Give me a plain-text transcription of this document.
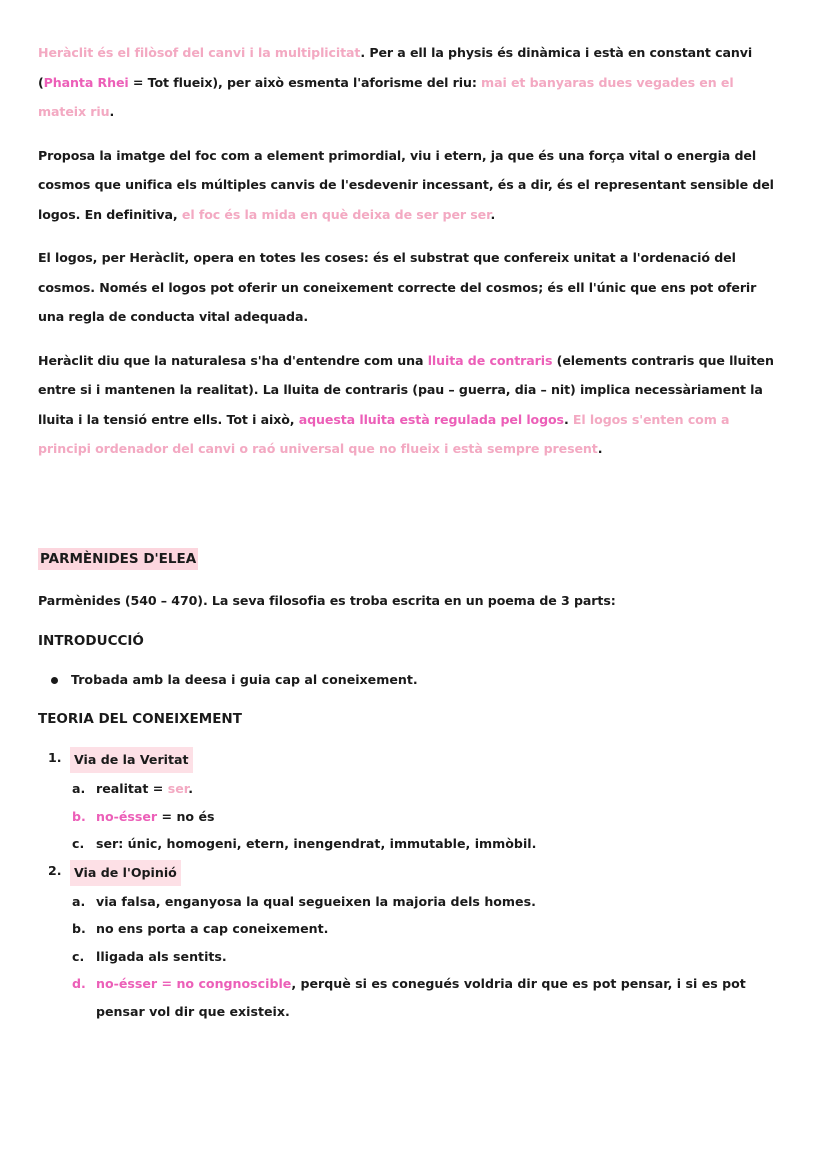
Heràclit és el filòsof del canvi i la multiplicitat. Per a ell la physis és dinàmica i està en constant canvi (Phanta Rhei = Tot flueix), per això esmenta l'aforisme del riu: mai et banyaras dues vegades en el mateix riu.

Proposa la imatge del foc com a element primordial, viu i etern, ja que és una força vital o energia del cosmos que unifica els múltiples canvis de l'esdevenir incessant, és a dir, és el representant sensible del logos. En definitiva, el foc és la mida en què deixa de ser per ser.

El logos, per Heràclit, opera en totes les coses: és el substrat que confereix unitat a l'ordenació del cosmos. Només el logos pot oferir un coneixement correcte del cosmos; és ell l'únic que ens pot oferir una regla de conducta vital adequada.

Heràclit diu que la naturalesa s'ha d'entendre com una lluita de contraris (elements contraris que lluiten entre si i mantenen la realitat). La lluita de contraris (pau – guerra, dia – nit) implica necessàriament la lluita i la tensió entre ells. Tot i això, aquesta lluita està regulada pel logos. El logos s'enten com a principi ordenador del canvi o raó universal que no flueix i està sempre present.

PARMÈNIDES D'ELEA

Parmènides (540 – 470). La seva filosofia es troba escrita en un poema de 3 parts:

INTRODUCCIÓ
Trobada amb la deesa i guia cap al coneixement.
TEORIA DEL CONEIXEMENT
1. Via de la Veritat
a. realitat = ser.
b. no-ésser = no és
c. ser: únic, homogeni, etern, inengendrat, immutable, immòbil.
2. Via de l'Opinió
a. via falsa, enganyosa la qual segueixen la majoria dels homes.
b. no ens porta a cap coneixement.
c. lligada als sentits.
d. no-ésser = no congnoscible, perquè si es conegués voldria dir que es pot pensar, i si es pot pensar vol dir que existeix.
